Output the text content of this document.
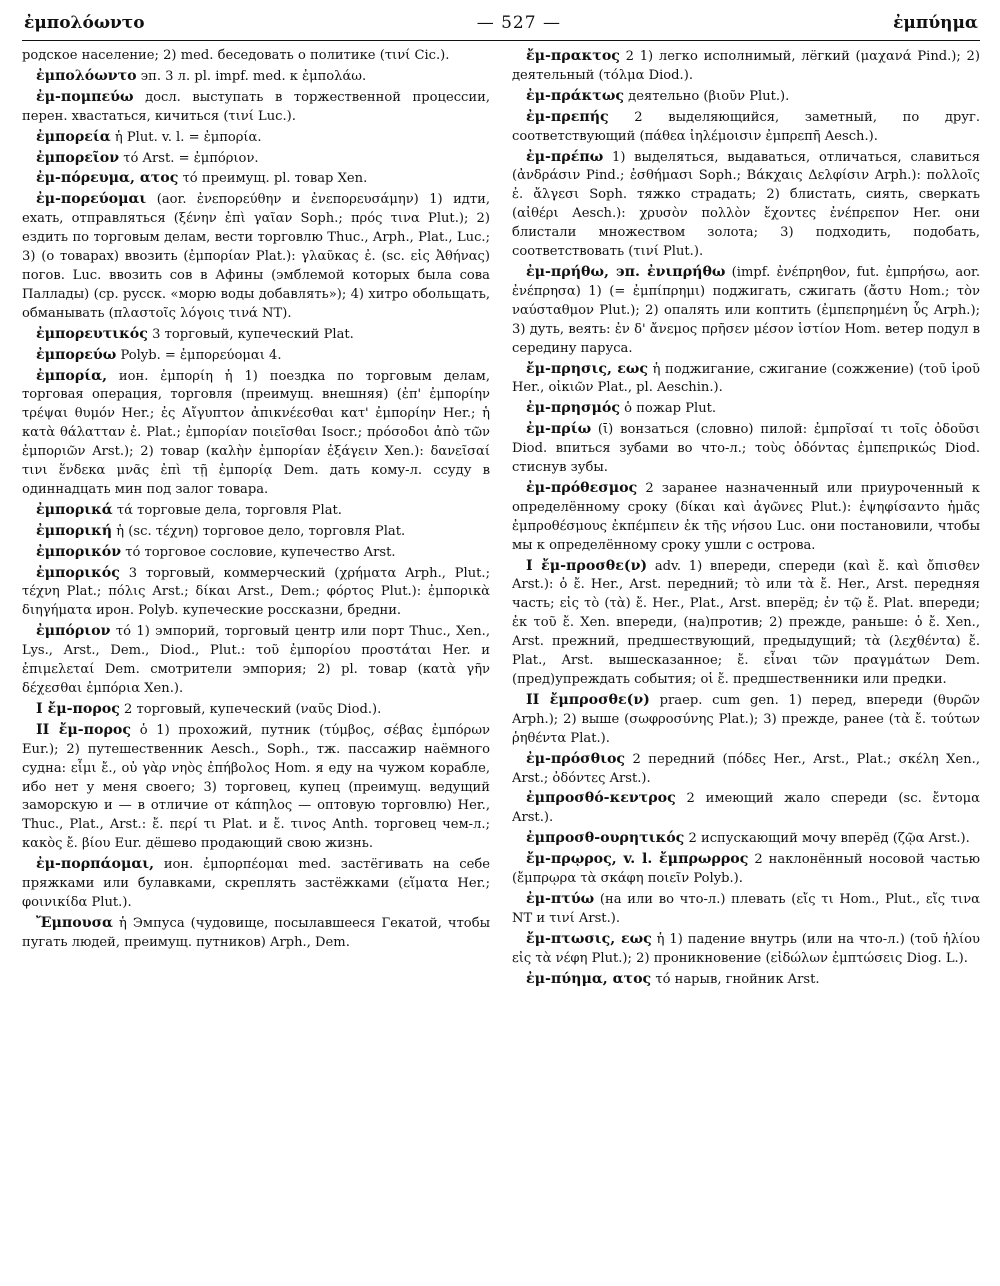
ἐμπολόωντο	— 527 —	ἐμπύημα

родское население; 2) med. беседовать о политике (τινί Cic.).

ἐμπολόωντο эп. 3 л. pl. impf. med. к ἐμπολάω.

ἐμ-πομπεύω досл. выступать в торжественной процессии, перен. хвастаться, кичиться (τινί Luc.).

ἐμπορεία ἡ Plut. v. l. = ἐμπορία.

ἐμπορεῖον τό Arst. = ἐμπόριον.

ἐμ-πόρευμα, ατος τό преимущ. pl. товар Xen.

ἐμ-πορεύομαι (aor. ἐνεπορεύθην и ἐνεπορευσάμην) 1) идти, ехать, отправляться (ξένην ἐπὶ γαῖαν Soph.; πρός τινα Plut.); 2) ездить по торговым делам, вести торговлю Thuc., Arph., Plat., Luc.; 3) (о товарах) ввозить (ἐμπορίαν Plat.): γλαῦκας ἐ. (sc. εἰς Ἀθήνας) погов. Luc. ввозить сов в Афины (эмблемой которых была сова Паллады) (ср. русск. «морю воды добавлять»); 4) хитро обольщать, обманывать (πλαστοῖς λόγοις τινά NT).

ἐμπορευτικός 3 торговый, купеческий Plat.

ἐμπορεύω Polyb. = ἐμπορεύομαι 4.

ἐμπορία, ион. ἐμπορίη ἡ 1) поездка по торговым делам, торговая операция, торговля (преимущ. внешняя) (ἐπ' ἐμπορίην τρέψαι θυμόν Her.; ἐς Αἴγυπτον ἀπικνέεσθαι κατ' ἐμπορίην Her.; ἡ κατὰ θάλατταν ἐ. Plat.; ἐμπορίαν ποιεῖσθαι Isocr.; πρόσοδοι ἀπὸ τῶν ἐμποριῶν Arst.); 2) товар (καλὴν ἐμπορίαν ἐξάγειν Xen.): δανεῖσαί τινι ἕνδεκα μνᾶς ἐπὶ τῇ ἐμπορίᾳ Dem. дать кому-л. ссуду в одиннадцать мин под залог товара.

ἐμπορικά τά торговые дела, торговля Plat.

ἐμπορική ἡ (sc. τέχνη) торговое дело, торговля Plat.

ἐμπορικόν τό торговое сословие, купечество Arst.

ἐμπορικός 3 торговый, коммерческий (χρήματα Arph., Plut.; τέχνη Plat.; πόλις Arst.; δίκαι Arst., Dem.; φόρτος Plut.): ἐμπορικὰ διηγήματα ирон. Polyb. купеческие россказни, бредни.

ἐμπόριον τό 1) эмпорий, торговый центр или порт Thuc., Xen., Lys., Arst., Dem., Diod., Plut.: τοῦ ἐμπορίου προστάται Her. и ἐπιμελεταί Dem. смотрители эмпория; 2) pl. товар (κατὰ γῆν δέχεσθαι ἐμπόρια Xen.).

I ἔμ-πορος 2 торговый, купеческий (ναῦς Diod.).

II ἔμ-πορος ὁ 1) прохожий, путник (τύμβος, σέβας ἐμπόρων Eur.); 2) путешественник Aesch., Soph., тж. пассажир наёмного судна: εἶμι ἔ., οὐ γὰρ νηὸς ἐπήβολος Hom. я еду на чужом корабле, ибо нет у меня своего; 3) торговец, купец (преимущ. ведущий заморскую и — в отличие от κάπηλος — оптовую торговлю) Her., Thuc., Plat., Arst.: ἔ. περί τι Plat. и ἔ. τινος Anth. торговец чем-л.; κακὸς ἔ. βίου Eur. дёшево продающий свою жизнь.

ἐμ-πορπάομαι, ион. ἐμπορπέομαι med. застёгивать на себе пряжками или булавками, скреплять застёжками (εἵματα Her.; φοινικίδα Plut.).

Ἔμπουσα ἡ Эмпуса (чудовище, посылавшееся Гекатой, чтобы пугать людей, преимущ. путников) Arph., Dem.

ἔμ-πρακτος 2 1) легко исполнимый, лёгкий (μαχανά Pind.); 2) деятельный (τόλμα Diod.).

ἐμ-πράκτως деятельно (βιοῦν Plut.).

ἐμ-πρεπής 2 выделяющийся, заметный, по друг. соответствующий (πάθεα ἰηλέμοισιν ἐμπρεπῆ Aesch.).

ἐμ-πρέπω 1) выделяться, выдаваться, отличаться, славиться (ἀνδράσιν Pind.; ἐσθήμασι Soph.; Βάκχαις Δελφίσιν Arph.): πολλοῖς ἐ. ἄλγεσι Soph. тяжко страдать; 2) блистать, сиять, сверкать (αἰθέρι Aesch.): χρυσὸν πολλὸν ἔχοντες ἐνέπρεπον Her. они блистали множеством золота; 3) подходить, подобать, соответствовать (τινί Plut.).

ἐμ-πρήθω, эп. ἐνιπρήθω (impf. ἐνέπρηθον, fut. ἐμπρήσω, aor. ἐνέπρησα) 1) (= ἐμπίπρημι) поджигать, сжигать (ἄστυ Hom.; τὸν ναύσταθμον Plut.); 2) опалять или коптить (ἐμπεπρημένη ὗς Arph.); 3) дуть, веять: ἐν δ' ἄνεμος πρῆσεν μέσον ἱστίον Hom. ветер подул в середину паруса.

ἔμ-πρησις, εως ἡ поджигание, сжигание (сожжение) (τοῦ ἱροῦ Her., οἰκιῶν Plat., pl. Aeschin.).

ἐμ-πρησμός ὁ пожар Plut.

ἐμ-πρίω (ῑ) вонзаться (словно) пилой: ἐμπρῖσαί τι τοῖς ὀδοῦσι Diod. впиться зубами во что-л.; τοὺς ὀδόντας ἐμπεπρικώς Diod. стиснув зубы.

ἐμ-πρόθεσμος 2 заранее назначенный или приуроченный к определённому сроку (δίκαι καὶ ἀγῶνες Plut.): ἐψηφίσαντο ἡμᾶς ἐμπροθέσμους ἐκπέμπειν ἐκ τῆς νήσου Luc. они постановили, чтобы мы к определённому сроку ушли с острова.

I ἔμ-προσθε(ν) adv. 1) впереди, спереди (καὶ ἔ. καὶ ὄπισθεν Arst.): ὁ ἔ. Her., Arst. передний; τὸ или τὰ ἔ. Her., Arst. передняя часть; εἰς τὸ (τὰ) ἔ. Her., Plat., Arst. вперёд; ἐν τῷ ἔ. Plat. впереди; ἐκ τοῦ ἔ. Xen. впереди, (на)против; 2) прежде, раньше: ὁ ἔ. Xen., Arst. прежний, предшествующий, предыдущий; τὰ (λεχθέντα) ἔ. Plat., Arst. вышесказанное; ἔ. εἶναι τῶν πραγμάτων Dem. (пред)упреждать события; οἱ ἔ. предшественники или предки.

II ἔμπροσθε(ν) praep. cum gen. 1) перед, впереди (θυρῶν Arph.); 2) выше (σωφροσύνης Plat.); 3) прежде, ранее (τὰ ἔ. τούτων ῥηθέντα Plat.).

ἐμ-πρόσθιος 2 передний (πόδες Her., Arst., Plat.; σκέλη Xen., Arst.; ὀδόντες Arst.).

ἐμπροσθό-κεντρος 2 имеющий жало спереди (sc. ἔντομα Arst.).

ἐμπροσθ-ουρητικός 2 испускающий мочу вперёд (ζῷα Arst.).

ἔμ-πρῳρος, v. l. ἔμπρωρρος 2 наклонённый носовой частью (ἔμπρῳρα τὰ σκάφη ποιεῖν Polyb.).

ἐμ-πτύω (на или во что-л.) плевать (εἴς τι Hom., Plut., εἴς τινα NT и τινί Arst.).

ἔμ-πτωσις, εως ἡ 1) падение внутрь (или на что-л.) (τοῦ ἡλίου εἰς τὰ νέφη Plut.); 2) проникновение (εἰδώλων ἐμπτώσεις Diog. L.).

ἐμ-πύημα, ατος τό нарыв, гнойник Arst.
